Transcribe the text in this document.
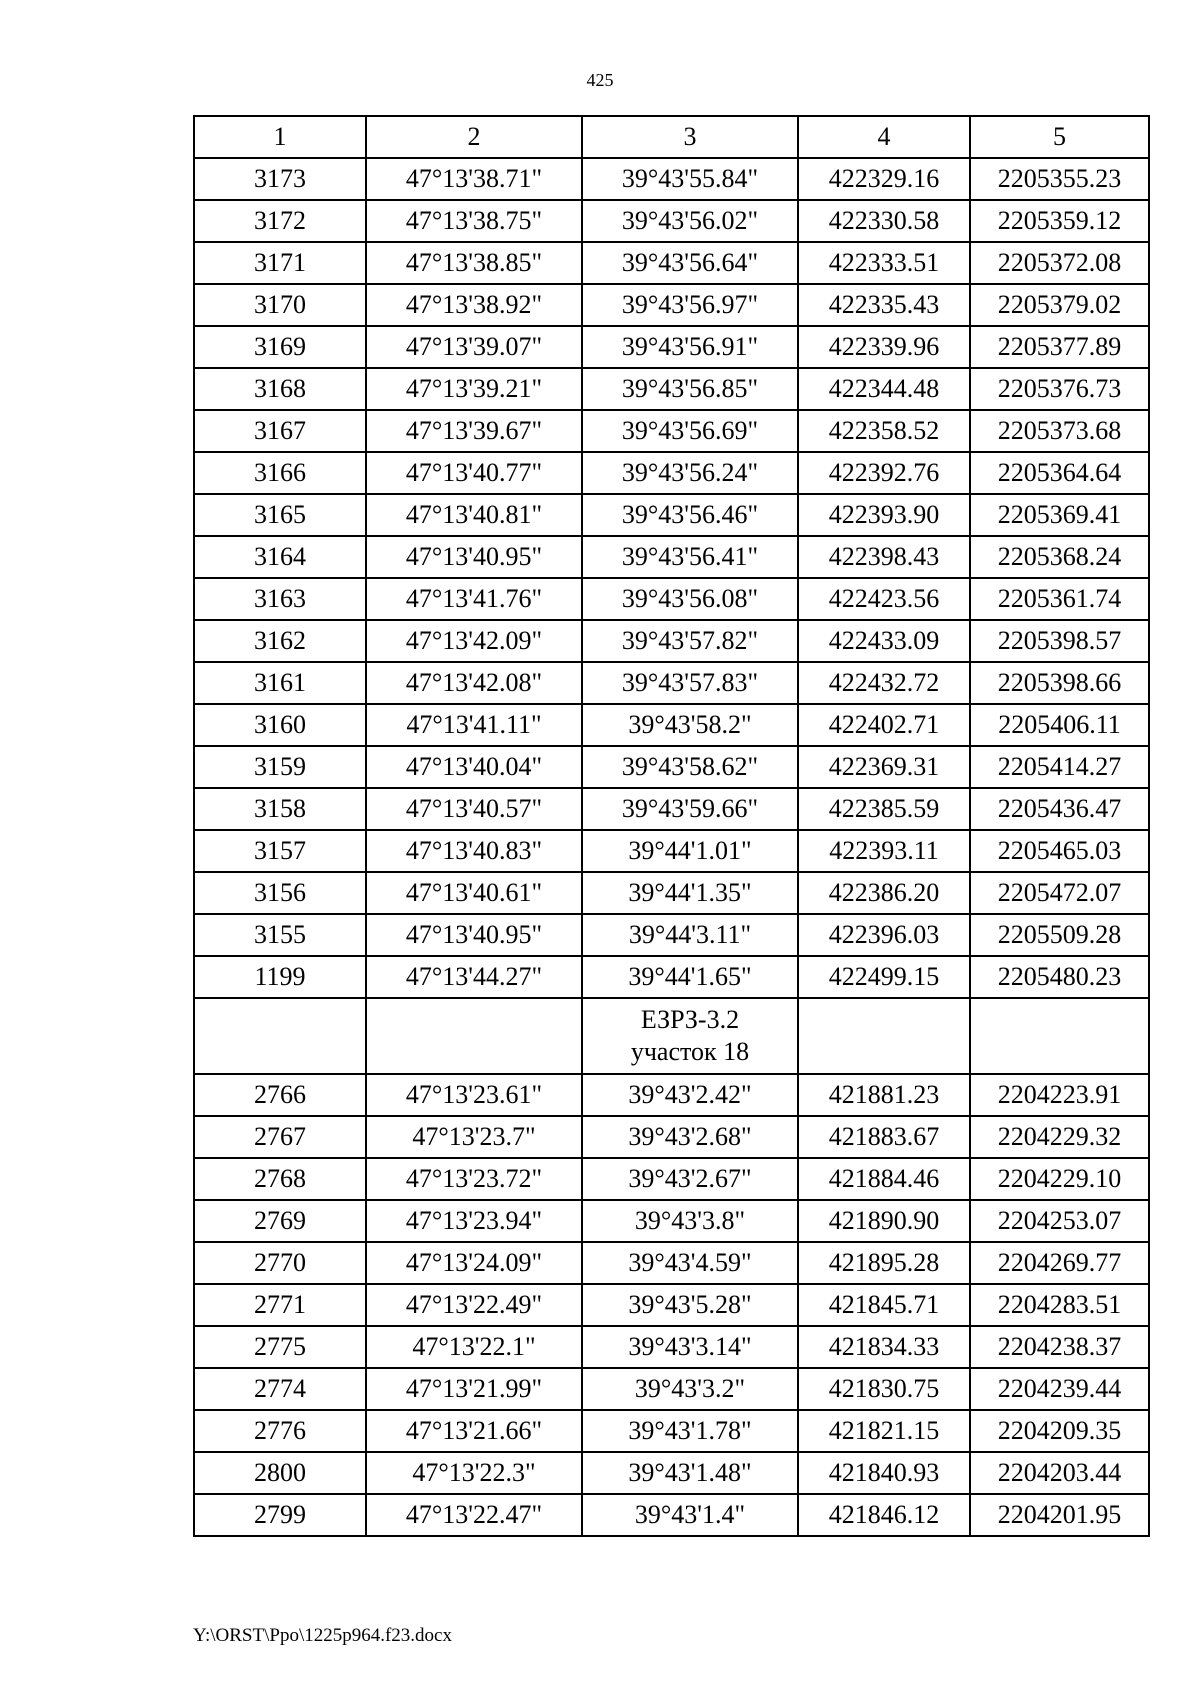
425
1	2	3	4	5
3173	47°13'38.71"	39°43'55.84"	422329.16	2205355.23
3172	47°13'38.75"	39°43'56.02"	422330.58	2205359.12
3171	47°13'38.85"	39°43'56.64"	422333.51	2205372.08
3170	47°13'38.92"	39°43'56.97"	422335.43	2205379.02
3169	47°13'39.07"	39°43'56.91"	422339.96	2205377.89
3168	47°13'39.21"	39°43'56.85"	422344.48	2205376.73
3167	47°13'39.67"	39°43'56.69"	422358.52	2205373.68
3166	47°13'40.77"	39°43'56.24"	422392.76	2205364.64
3165	47°13'40.81"	39°43'56.46"	422393.90	2205369.41
3164	47°13'40.95"	39°43'56.41"	422398.43	2205368.24
3163	47°13'41.76"	39°43'56.08"	422423.56	2205361.74
3162	47°13'42.09"	39°43'57.82"	422433.09	2205398.57
3161	47°13'42.08"	39°43'57.83"	422432.72	2205398.66
3160	47°13'41.11"	39°43'58.2"	422402.71	2205406.11
3159	47°13'40.04"	39°43'58.62"	422369.31	2205414.27
3158	47°13'40.57"	39°43'59.66"	422385.59	2205436.47
3157	47°13'40.83"	39°44'1.01"	422393.11	2205465.03
3156	47°13'40.61"	39°44'1.35"	422386.20	2205472.07
3155	47°13'40.95"	39°44'3.11"	422396.03	2205509.28
1199	47°13'44.27"	39°44'1.65"	422499.15	2205480.23

		ЕЗРЗ-3.2
участок 18		

2766	47°13'23.61"	39°43'2.42"	421881.23	2204223.91
2767	47°13'23.7"	39°43'2.68"	421883.67	2204229.32
2768	47°13'23.72"	39°43'2.67"	421884.46	2204229.10
2769	47°13'23.94"	39°43'3.8"	421890.90	2204253.07
2770	47°13'24.09"	39°43'4.59"	421895.28	2204269.77
2771	47°13'22.49"	39°43'5.28"	421845.71	2204283.51
2775	47°13'22.1"	39°43'3.14"	421834.33	2204238.37
2774	47°13'21.99"	39°43'3.2"	421830.75	2204239.44
2776	47°13'21.66"	39°43'1.78"	421821.15	2204209.35
2800	47°13'22.3"	39°43'1.48"	421840.93	2204203.44
2799	47°13'22.47"	39°43'1.4"	421846.12	2204201.95
Y:\ORST\Ppo\1225p964.f23.docx
